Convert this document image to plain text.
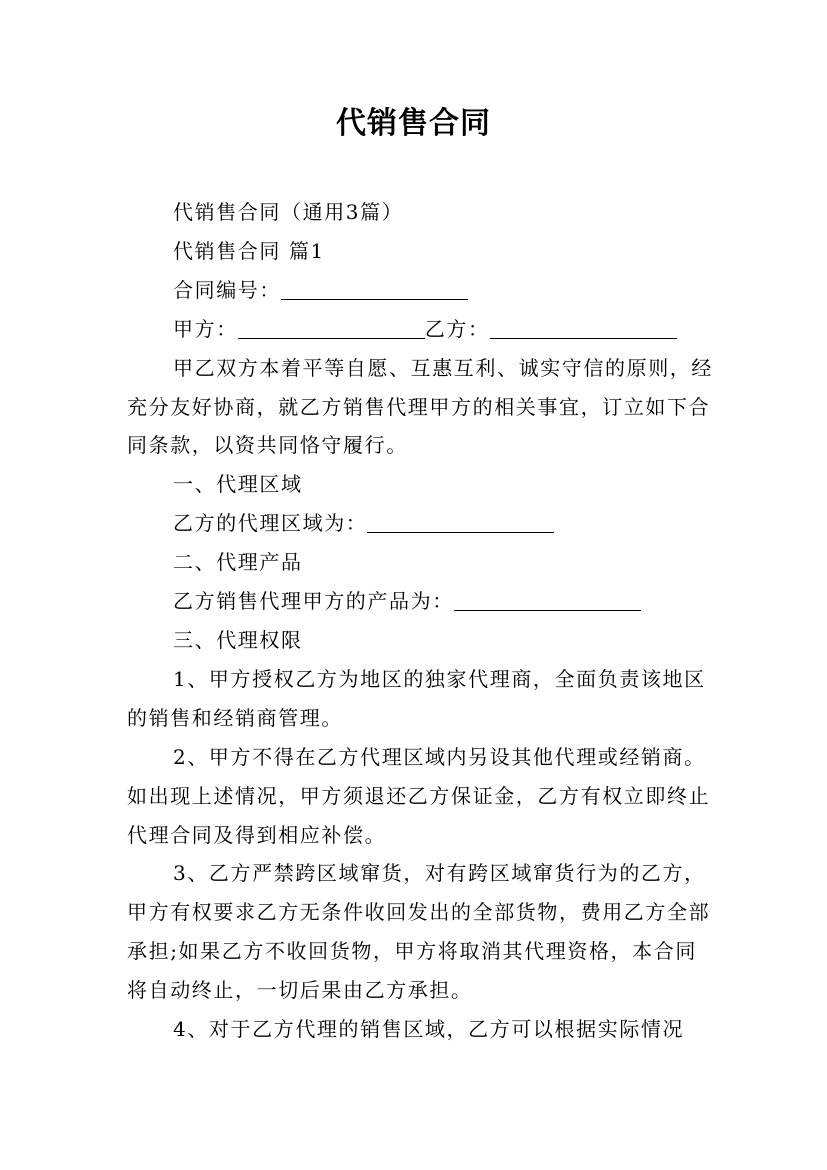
代销售合同

代销售合同（通用3篇）

代销售合同 篇1

合同编号：

甲方：	乙方：

甲乙双方本着平等自愿、互惠互利、诚实守信的原则，经充分友好协商，就乙方销售代理甲方的相关事宜，订立如下合同条款，以资共同恪守履行。

一、代理区域

乙方的代理区域为：

二、代理产品

乙方销售代理甲方的产品为：

三、代理权限

1、甲方授权乙方为地区的独家代理商，全面负责该地区的销售和经销商管理。

2、甲方不得在乙方代理区域内另设其他代理或经销商。如出现上述情况，甲方须退还乙方保证金，乙方有权立即终止代理合同及得到相应补偿。

3、乙方严禁跨区域窜货，对有跨区域窜货行为的乙方，甲方有权要求乙方无条件收回发出的全部货物，费用乙方全部承担;如果乙方不收回货物，甲方将取消其代理资格，本合同将自动终止，一切后果由乙方承担。

4、对于乙方代理的销售区域，乙方可以根据实际情况
